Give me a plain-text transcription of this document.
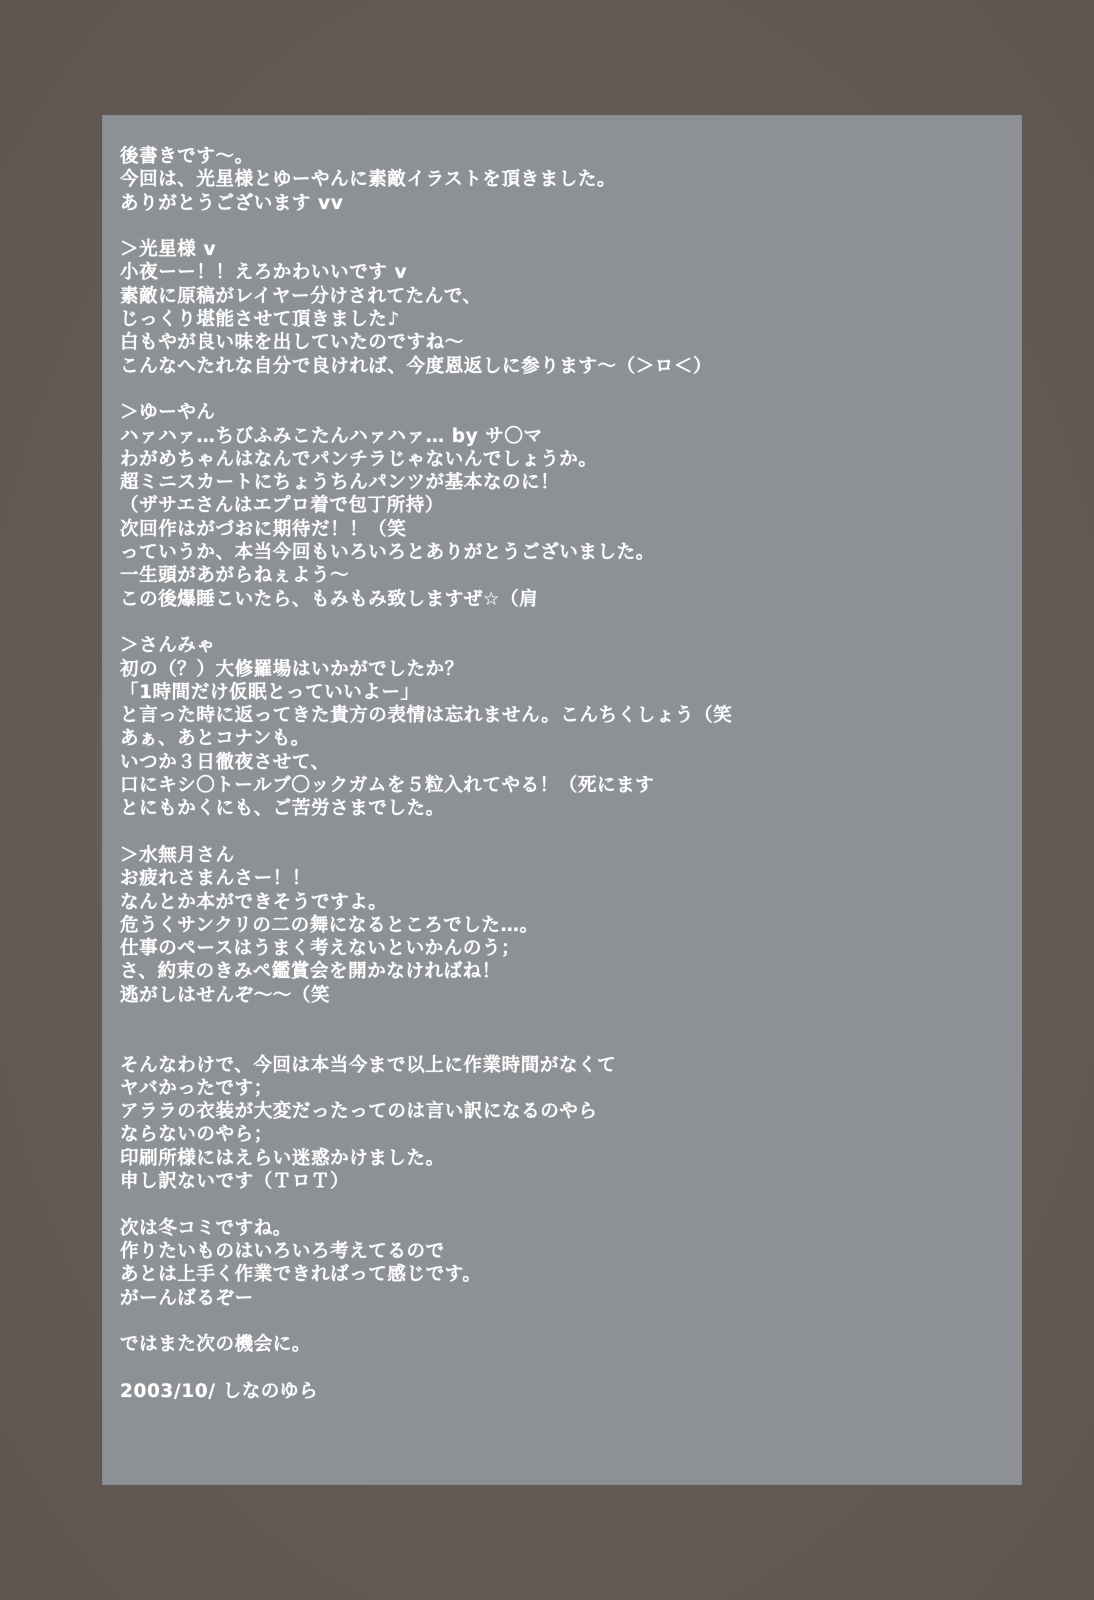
後書きです～。
今回は、光星様とゆーやんに素敵イラストを頂きました。
ありがとうございます vv
＞光星様 v
小夜ーー！！えろかわいいです v
素敵に原稿がレイヤー分けされてたんで、
じっくり堪能させて頂きました♪
白もやが良い味を出していたのですね～
こんなへたれな自分で良ければ、今度恩返しに参ります～（＞ロ＜）
＞ゆーやん
ハァハァ…ちびふみこたんハァハァ… by サ〇マ
わがめちゃんはなんでパンチラじゃないんでしょうか。
超ミニスカートにちょうちんパンツが基本なのに！
（ザサエさんはエプロ着で包丁所持）
次回作はがづおに期待だ！！（笑
っていうか、本当今回もいろいろとありがとうございました。
一生頭があがらねぇよう～
この後爆睡こいたら、もみもみ致しますぜ☆（肩
＞さんみゃ
初の（？）大修羅場はいかがでしたか？
「1時間だけ仮眠とっていいよー」
と言った時に返ってきた貴方の表情は忘れません。こんちくしょう（笑
あぁ、あとコナンも。
いつか３日徹夜させて、
口にキシ〇トールブ〇ックガムを５粒入れてやる！（死にます
とにもかくにも、ご苦労さまでした。
＞水無月さん
お疲れさまんさー！！
なんとか本ができそうですよ。
危うくサンクリの二の舞になるところでした…。
仕事のペースはうまく考えないといかんのう；
さ、約束のきみペ鑑賞会を開かなければね！
逃がしはせんぞ～～（笑
そんなわけで、今回は本当今まで以上に作業時間がなくて
ヤバかったです；
アララの衣装が大変だったってのは言い訳になるのやら
ならないのやら；
印刷所様にはえらい迷惑かけました。
申し訳ないです（ＴロＴ）
次は冬コミですね。
作りたいものはいろいろ考えてるので
あとは上手く作業できればって感じです。
がーんばるぞー
ではまた次の機会に。
2003/10/ しなのゆら
